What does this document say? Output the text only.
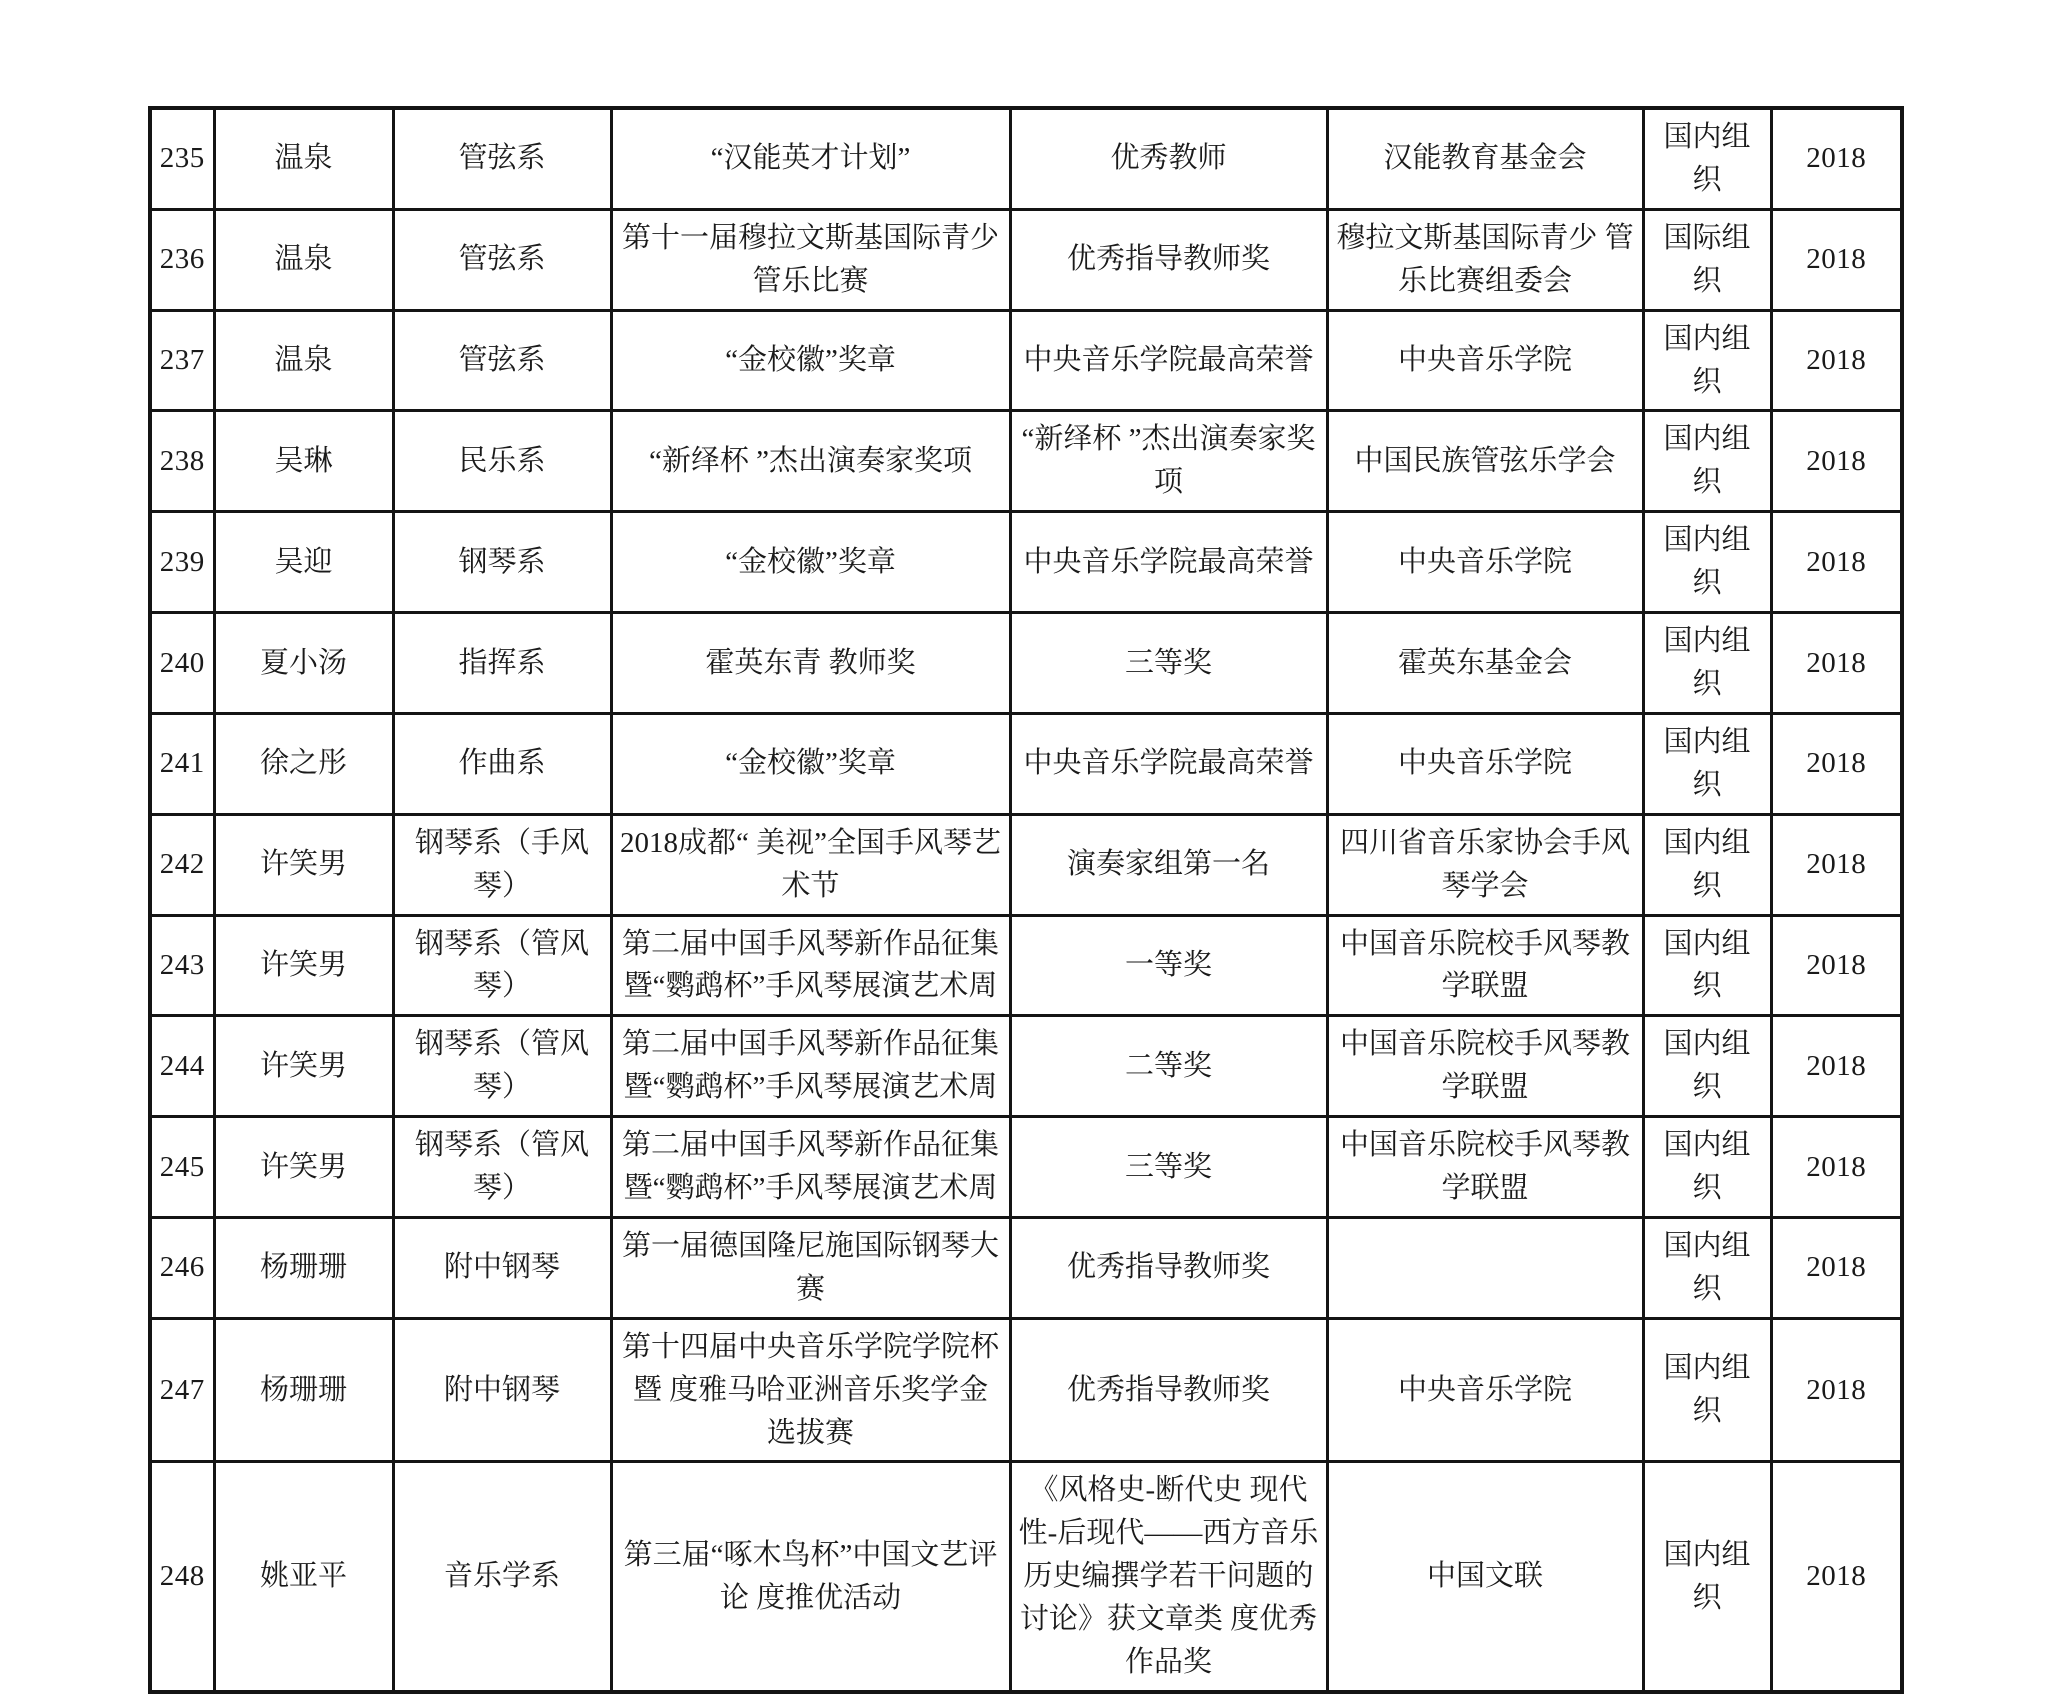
235	温泉	管弦系	“汉能英才计划”	优秀教师	汉能教育基金会	国内组织	2018
236	温泉	管弦系	第十一届穆拉文斯基国际青少 管乐比赛	优秀指导教师奖	穆拉文斯基国际青少 管乐比赛组委会	国际组织	2018
237	温泉	管弦系	“金校徽”奖章	中央音乐学院最高荣誉	中央音乐学院	国内组织	2018
238	吴琳	民乐系	“新绎杯 ”杰出演奏家奖项	“新绎杯 ”杰出演奏家奖项	中国民族管弦乐学会	国内组织	2018
239	吴迎	钢琴系	“金校徽”奖章	中央音乐学院最高荣誉	中央音乐学院	国内组织	2018
240	夏小汤	指挥系	霍英东青 教师奖	三等奖	霍英东基金会	国内组织	2018
241	徐之彤	作曲系	“金校徽”奖章	中央音乐学院最高荣誉	中央音乐学院	国内组织	2018
242	许笑男	钢琴系（手风琴）	2018成都“ 美视”全国手风琴艺术节	演奏家组第一名	四川省音乐家协会手风琴学会	国内组织	2018
243	许笑男	钢琴系（管风琴）	第二届中国手风琴新作品征集暨“鹦鹉杯”手风琴展演艺术周	一等奖	中国音乐院校手风琴教学联盟	国内组织	2018
244	许笑男	钢琴系（管风琴）	第二届中国手风琴新作品征集暨“鹦鹉杯”手风琴展演艺术周	二等奖	中国音乐院校手风琴教学联盟	国内组织	2018
245	许笑男	钢琴系（管风琴）	第二届中国手风琴新作品征集暨“鹦鹉杯”手风琴展演艺术周	三等奖	中国音乐院校手风琴教学联盟	国内组织	2018
246	杨珊珊	附中钢琴	第一届德国隆尼施国际钢琴大赛	优秀指导教师奖		国内组织	2018
247	杨珊珊	附中钢琴	第十四届中央音乐学院学院杯暨 度雅马哈亚洲音乐奖学金选拔赛	优秀指导教师奖	中央音乐学院	国内组织	2018
248	姚亚平	音乐学系	第三届“啄木鸟杯”中国文艺评论 度推优活动	《风格史-断代史 现代性-后现代——西方音乐历史编撰学若干问题的讨论》获文章类 度优秀作品奖	中国文联	国内组织	2018
